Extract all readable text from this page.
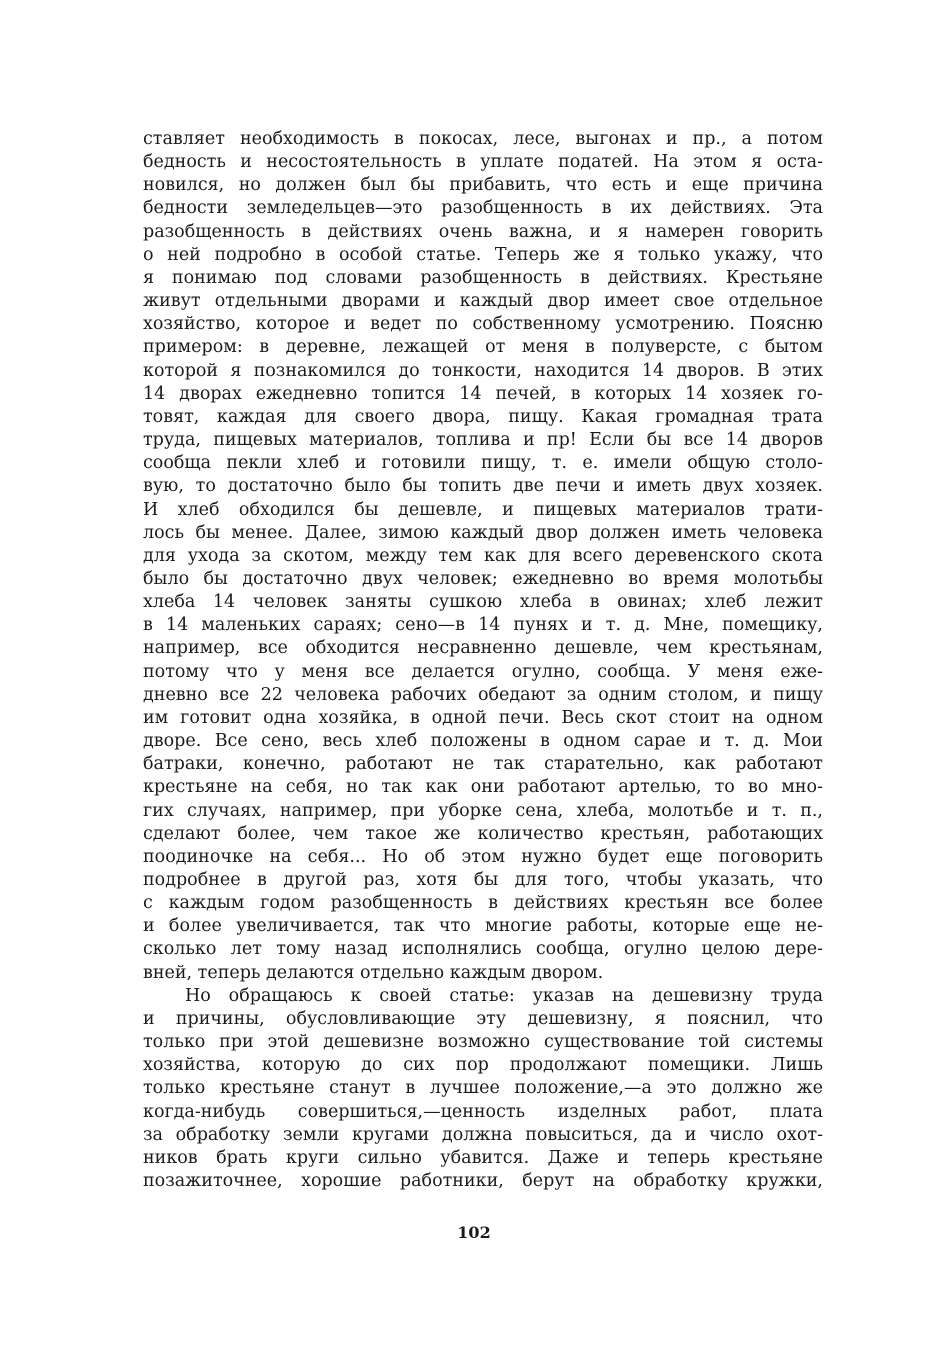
ставляет необходимость в покосах, лесе, выгонах и пр., а потом
бедность и несостоятельность в уплате податей. На этом я оста-
новился, но должен был бы прибавить, что есть и еще причина
бедности земледельцев—это разобщенность в их действиях. Эта
разобщенность в действиях очень важна, и я намерен говорить
о ней подробно в особой статье. Теперь же я только укажу, что
я понимаю под словами разобщенность в действиях. Крестьяне
живут отдельными дворами и каждый двор имеет свое отдельное
хозяйство, которое и ведет по собственному усмотрению. Поясню
примером: в деревне, лежащей от меня в полуверсте, с бытом
которой я познакомился до тонкости, находится 14 дворов. В этих
14 дворах ежедневно топится 14 печей, в которых 14 хозяек го-
товят, каждая для своего двора, пищу. Какая громадная трата
труда, пищевых материалов, топлива и пр! Если бы все 14 дворов
сообща пекли хлеб и готовили пищу, т. е. имели общую столо-
вую, то достаточно было бы топить две печи и иметь двух хозяек.
И хлеб обходился бы дешевле, и пищевых материалов трати-
лось бы менее. Далее, зимою каждый двор должен иметь человека
для ухода за скотом, между тем как для всего деревенского скота
было бы достаточно двух человек; ежедневно во время молотьбы
хлеба 14 человек заняты сушкою хлеба в овинах; хлеб лежит
в 14 маленьких сараях; сено—в 14 пунях и т. д. Мне, помещику,
например, все обходится несравненно дешевле, чем крестьянам,
потому что у меня все делается огулно, сообща. У меня еже-
дневно все 22 человека рабочих обедают за одним столом, и пищу
им готовит одна хозяйка, в одной печи. Весь скот стоит на одном
дворе. Все сено, весь хлеб положены в одном сарае и т. д. Мои
батраки, конечно, работают не так старательно, как работают
крестьяне на себя, но так как они работают артелью, то во мно-
гих случаях, например, при уборке сена, хлеба, молотьбе и т. п.,
сделают более, чем такое же количество крестьян, работающих
поодиночке на себя... Но об этом нужно будет еще поговорить
подробнее в другой раз, хотя бы для того, чтобы указать, что
с каждым годом разобщенность в действиях крестьян все более
и более увеличивается, так что многие работы, которые еще не-
сколько лет тому назад исполнялись сообща, огулно целою дере-
вней, теперь делаются отдельно каждым двором.
Но обращаюсь к своей статье: указав на дешевизну труда
и причины, обусловливающие эту дешевизну, я пояснил, что
только при этой дешевизне возможно существование той системы
хозяйства, которую до сих пор продолжают помещики. Лишь
только крестьяне станут в лучшее положение,—а это должно же
когда-нибудь совершиться,—ценность изделных работ, плата
за обработку земли кругами должна повыситься, да и число охот-
ников брать круги сильно убавится. Даже и теперь крестьяне
позажиточнее, хорошие работники, берут на обработку кружки,
102
